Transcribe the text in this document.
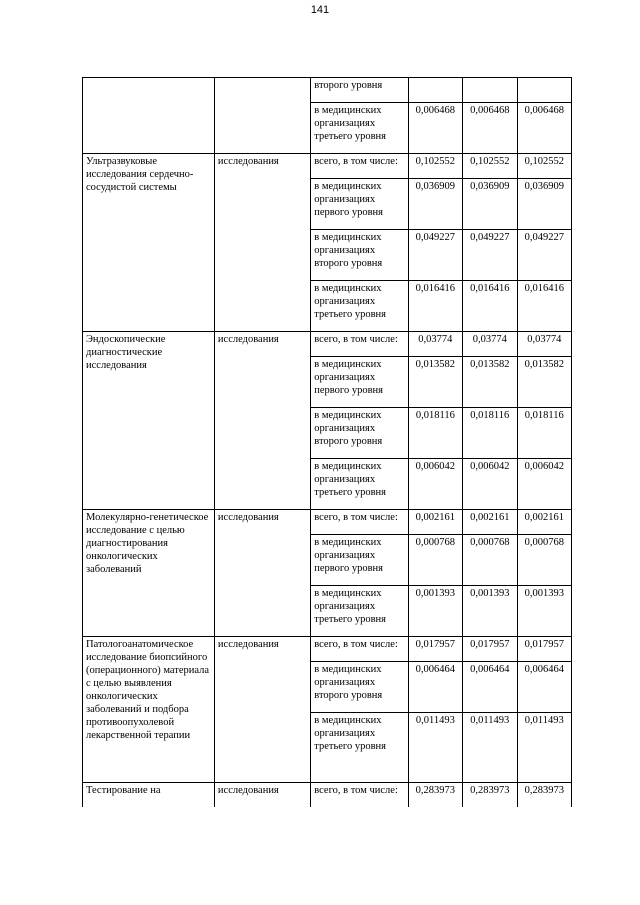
141
		второго уровня			
		в медицинских организациях третьего уровня	0,006468	0,006468	0,006468
Ультразвуковые исследования сердечно-сосудистой системы	исследования	всего, в том числе:	0,102552	0,102552	0,102552
		в медицинских организациях первого уровня	0,036909	0,036909	0,036909
		в медицинских организациях второго уровня	0,049227	0,049227	0,049227
		в медицинских организациях третьего уровня	0,016416	0,016416	0,016416
Эндоскопические диагностические исследования	исследования	всего, в том числе:	0,03774	0,03774	0,03774
		в медицинских организациях первого уровня	0,013582	0,013582	0,013582
		в медицинских организациях второго уровня	0,018116	0,018116	0,018116
		в медицинских организациях третьего уровня	0,006042	0,006042	0,006042
Молекулярно-генетическое исследование с целью диагностирования онкологических заболеваний	исследования	всего, в том числе:	0,002161	0,002161	0,002161
		в медицинских организациях первого уровня	0,000768	0,000768	0,000768
		в медицинских организациях третьего уровня	0,001393	0,001393	0,001393
Патологоанатомическое исследование биопсийного (операционного) материала с целью выявления онкологических заболеваний и подбора противоопухолевой лекарственной терапии	исследования	всего, в том числе:	0,017957	0,017957	0,017957
		в медицинских организациях второго уровня	0,006464	0,006464	0,006464
		в медицинских организациях третьего уровня	0,011493	0,011493	0,011493
Тестирование на	исследования	всего, в том числе:	0,283973	0,283973	0,283973
